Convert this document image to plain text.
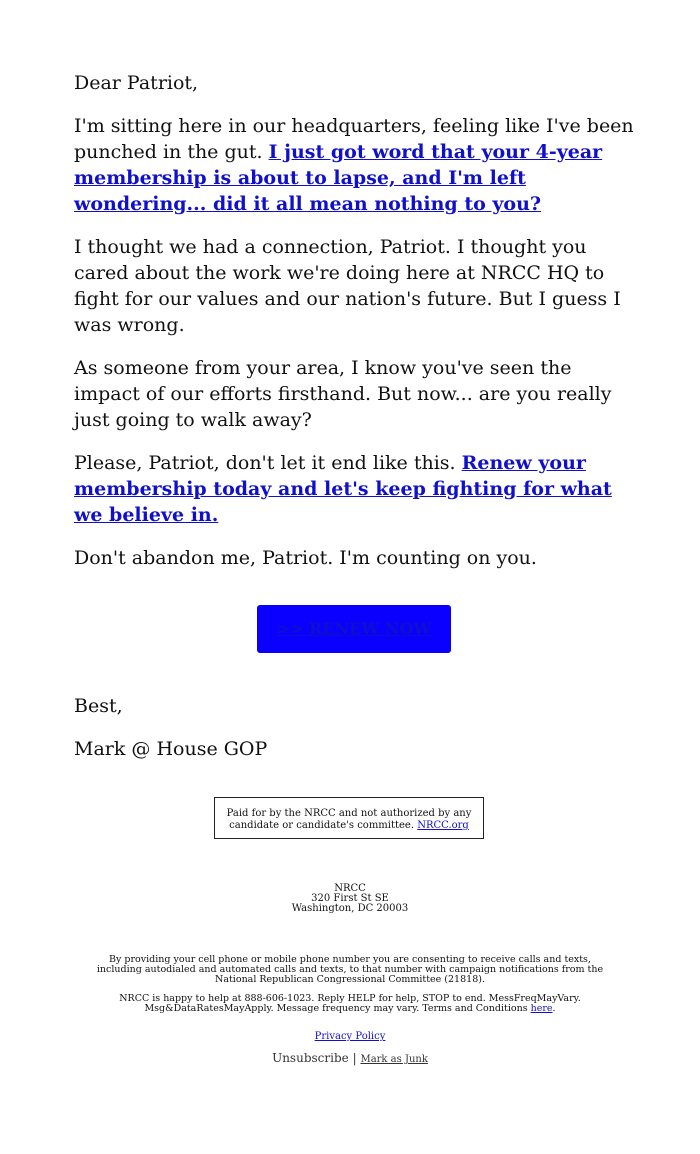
Dear Patriot,

I'm sitting here in our headquarters, feeling like I've been punched in the gut. I just got word that your 4-year membership is about to lapse, and I'm left wondering... did it all mean nothing to you?

I thought we had a connection, Patriot. I thought you cared about the work we're doing here at NRCC HQ to fight for our values and our nation's future. But I guess I was wrong.

As someone from your area, I know you've seen the impact of our efforts firsthand. But now... are you really just going to walk away?

Please, Patriot, don't let it end like this. Renew your membership today and let's keep fighting for what we believe in.

Don't abandon me, Patriot. I'm counting on you.

>> RENEW NOW

Best,

Mark @ House GOP

Paid for by the NRCC and not authorized by any candidate or candidate's committee. NRCC.org
NRCC
320 First St SE
Washington, DC 20003

By providing your cell phone or mobile phone number you are consenting to receive calls and texts, including autodialed and automated calls and texts, to that number with campaign notifications from the National Republican Congressional Committee (21818).

NRCC is happy to help at 888-606-1023. Reply HELP for help, STOP to end. MessFreqMayVary. Msg&DataRatesMayApply. Message frequency may vary. Terms and Conditions here.

Privacy Policy
Unsubscribe | Mark as Junk
